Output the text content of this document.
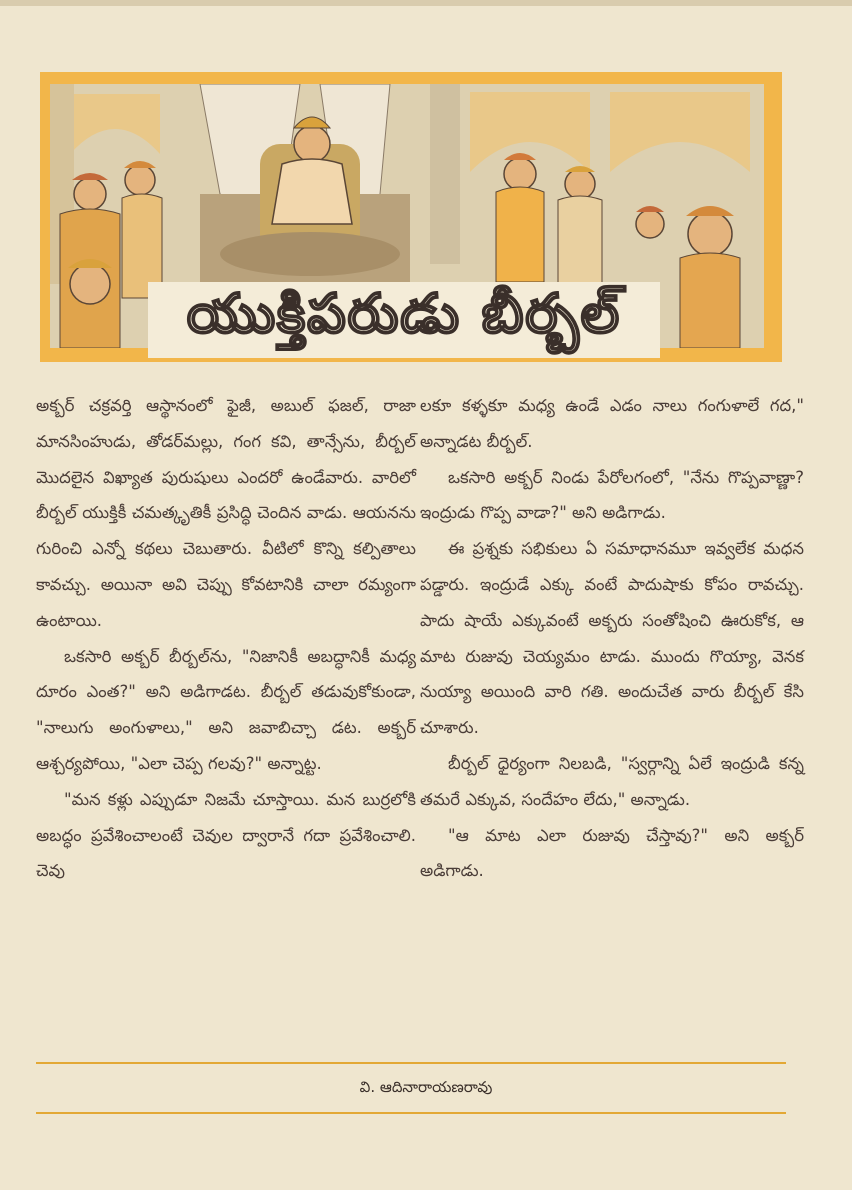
యుక్తిపరుడు బీర్బల్

అక్బర్ చక్రవర్తి ఆస్థానంలో ఫైజీ, అబుల్ ఫజల్, రాజా మానసింహుడు, తోడర్‌మల్లు, గంగ కవి, తాన్సేను, బీర్బల్ మొదలైన విఖ్యాత పురుషులు ఎందరో ఉండేవారు. వారిలో బీర్బల్ యుక్తికీ చమత్కృతికీ ప్రసిద్ధి చెందిన వాడు. ఆయనను గురించి ఎన్నో కథలు చెబుతారు. వీటిలో కొన్ని కల్పితాలు కావచ్చు. అయినా అవి చెప్పు కోవటానికి చాలా రమ్యంగా ఉంటాయి.

ఒకసారి అక్బర్ బీర్బల్‌ను, "నిజానికీ అబద్ధానికీ మధ్య దూరం ఎంత?" అని అడిగాడట. బీర్బల్ తడువుకోకుండా, "నాలుగు అంగుళాలు," అని జవాబిచ్చా డట. అక్బర్ ఆశ్చర్యపోయి, "ఎలా చెప్ప గలవు?" అన్నాట్ట.

"మన కళ్లు ఎప్పుడూ నిజమే చూస్తాయి. మన బుర్రలోకి అబద్ధం ప్రవేశించాలంటే చెవుల ద్వారానే గదా ప్రవేశించాలి. చెవు

లకూ కళ్ళకూ మధ్య ఉండే ఎడం నాలు గంగుళాలే గద," అన్నాడట బీర్బల్.

ఒకసారి అక్బర్ నిండు పేరోలగంలో, "నేను గొప్పవాణ్ణా? ఇంద్రుడు గొప్ప వాడా?" అని అడిగాడు.

ఈ ప్రశ్నకు సభికులు ఏ సమాధానమూ ఇవ్వలేక మధన పడ్డారు. ఇంద్రుడే ఎక్కు వంటే పాదుషాకు కోపం రావచ్చు. పాదు షాయే ఎక్కువంటే అక్బరు సంతోషించి ఊరుకోక, ఆ మాట రుజువు చెయ్యమం టాడు. ముందు గొయ్యా, వెనక నుయ్యా అయింది వారి గతి. అందుచేత వారు బీర్బల్ కేసి చూశారు.

బీర్బల్ ధైర్యంగా నిలబడి, "స్వర్గాన్ని ఏలే ఇంద్రుడి కన్న తమరే ఎక్కువ, సందేహం లేదు," అన్నాడు.

"ఆ మాట ఎలా రుజువు చేస్తావు?" అని అక్బర్ అడిగాడు.

వి. ఆదినారాయణరావు
